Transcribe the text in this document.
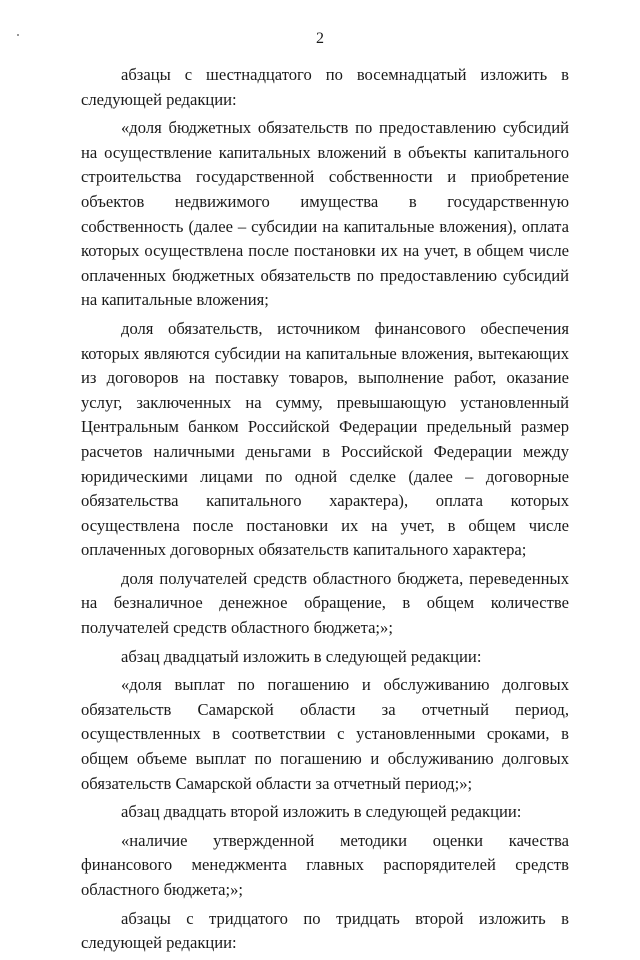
2

абзацы с шестнадцатого по восемнадцатый изложить в следующей редакции:

«доля бюджетных обязательств по предоставлению субсидий на осуществление капитальных вложений в объекты капитального строительства государственной собственности и приобретение объектов недвижимого имущества в государственную собственность (далее – субсидии на капитальные вложения), оплата которых осуществлена после постановки их на учет, в общем числе оплаченных бюджетных обязательств по предоставлению субсидий на капитальные вложения;

доля обязательств, источником финансового обеспечения которых являются субсидии на капитальные вложения, вытекающих из договоров на поставку товаров, выполнение работ, оказание услуг, заключенных на сумму, превышающую установленный Центральным банком Российской Федерации предельный размер расчетов наличными деньгами в Российской Федерации между юридическими лицами по одной сделке (далее – договорные обязательства капитального характера), оплата которых осуществлена после постановки их на учет, в общем числе оплаченных договорных обязательств капитального характера;

доля получателей средств областного бюджета, переведенных на безналичное денежное обращение, в общем количестве получателей средств областного бюджета;»;

абзац двадцатый изложить в следующей редакции:

«доля выплат по погашению и обслуживанию долговых обязательств Самарской области за отчетный период, осуществленных в соответствии с установленными сроками, в общем объеме выплат по погашению и обслуживанию долговых обязательств Самарской области за отчетный период;»;

абзац двадцать второй изложить в следующей редакции:

«наличие утвержденной методики оценки качества финансового менеджмента главных распорядителей средств областного бюджета;»;

абзацы с тридцатого по тридцать второй изложить в следующей редакции:
